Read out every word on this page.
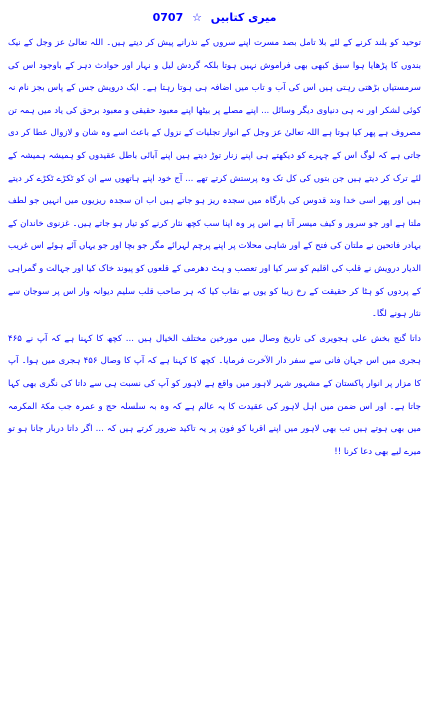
میری کتابیں ☆ 0707

توحید کو بلند کرنے کے لئے بلا تامل بصد مسرت اپنے سروں کے نذرانے پیش کر دیتے ہیں۔ اللہ تعالیٰ عز وجل کے نیک بندوں کا پڑھایا ہوا سبق کبھی بھی فراموش نہیں ہوتا بلکہ گردش لیل و نہار اور حوادث دہر کے باوجود اس کی سرمستیاں بڑھتی رہتی ہیں اس کی آب و تاب میں اضافہ ہی ہوتا رہتا ہے۔ ایک درویش جس کے پاس بجز نام نہ کوئی لشکر اور نہ ہی دنیاوی دیگر وسائل ... اپنے مصلے پر بیٹھا اپنے معبود حقیقی و معبود برحق کی یاد میں ہمہ تن مصروف ہے پھر کیا ہوتا ہے اللہ تعالیٰ عز وجل کے انوار تجلیات کے نزول کے باعث اسے وہ شان و لازوال عطا کر دی جاتی ہے کہ لوگ اس کے چہرے کو دیکھتے ہی اپنے زنار توڑ دیتے ہیں اپنے آبائی باطل عقیدوں کو ہمیشہ ہمیشہ کے لئے ترک کر دیتے ہیں جن بتوں کی کل تک وہ پرستش کرتے تھے ... آج خود اپنے ہاتھوں سے ان کو ٹکڑے ٹکڑے کر دیتے ہیں اور پھر اسی خدا وند قدوس کی بارگاہ میں سجدہ ریز ہو جاتے ہیں اب ان سجدہ ریزیوں میں انہیں جو لطف ملتا ہے اور جو سرور و کیف میسر آتا ہے اس پر وہ اپنا سب کچھ نثار کرنے کو تیار ہو جاتے ہیں۔ غزنوی خاندان کے بہادر فاتحین نے ملتان کی فتح کے اور شاہی محلات پر اپنے پرچم لہرائے مگر جو بچا اور جو یہاں آئے ہوئے اس غریب الدیار درویش نے قلب کی اقلیم کو سر کیا اور تعصب و ہٹ دھرمی کے قلعوں کو پیوند خاک کیا اور جہالت و گمراہی کے پردوں کو ہٹا کر حقیقت کے رخ زیبا کو یوں بے نقاب کیا کہ ہر صاحب قلب سلیم دیوانہ وار اس پر سوجان سے نثار ہونے لگا۔

داتا گنج بخش علی ہجویری کی تاریخ وصال میں مورخین مختلف الخیال ہیں ... کچھ کا کہنا ہے کہ آپ نے ۴۶۵ ہجری میں اس جہان فانی سے سفر دار الآخرت فرمایا۔ کچھ کا کہنا ہے کہ آپ کا وصال ۴۵۶ ہجری میں ہوا۔ آپ کا مزار پر انوار پاکستان کے مشہور شہر لاہور میں واقع ہے لاہور کو آپ کی نسبت ہی سے داتا کی نگری بھی کہا جاتا ہے۔ اور اس ضمن میں اہل لاہور کی عقیدت کا یہ عالم ہے کہ وہ بہ سلسلہ حج و عمرہ جب مکۃ المکرمہ میں بھی ہوتے ہیں تب بھی لاہور میں اپنے اقربا کو فون پر یہ تاکید ضرور کرتے ہیں کہ ... اگر داتا دربار جانا ہو تو میرے لیے بھی دعا کرنا !!
